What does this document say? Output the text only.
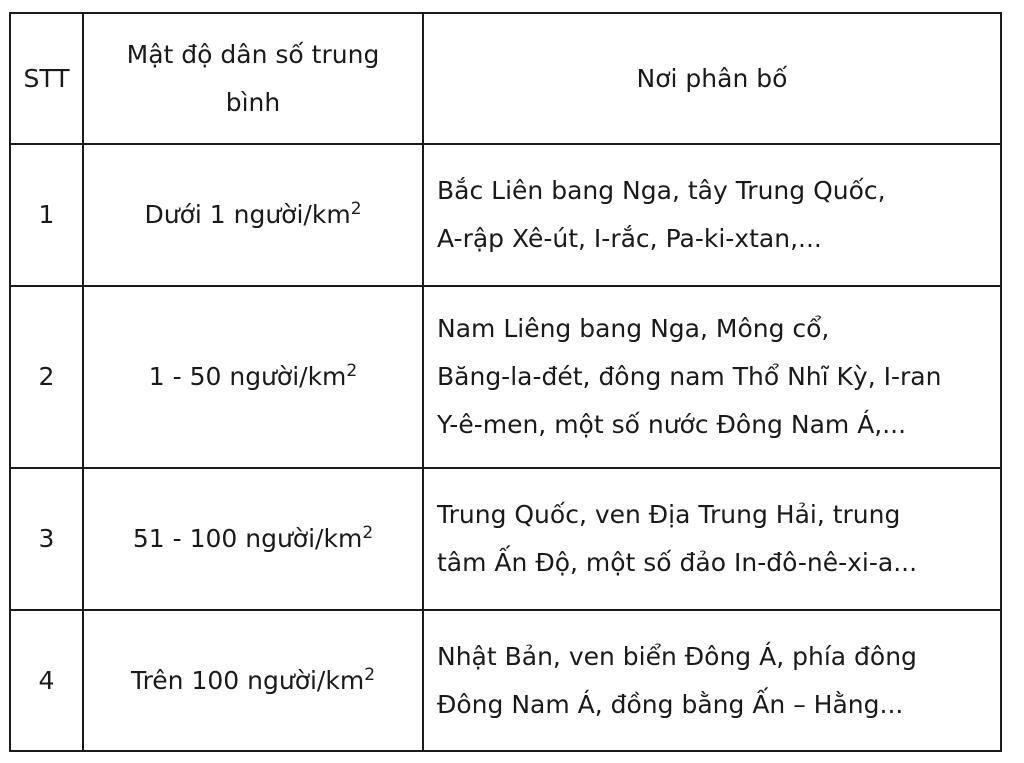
STT	Mật độ dân số trung bình	Nơi phân bố
1	Dưới 1 người/$km^2$	Bắc Liên bang Nga, tây Trung Quốc,
A-rập Xê-út, I-rắc, Pa-ki-xtan,...

2	1 - 50 người/$km^2$	Nam Liêng bang Nga, Mông cổ,
Băng-la-đét, đông nam Thổ Nhĩ Kỳ, I-ran
Y-ê-men, một số nước Đông Nam Á,...

3	51 - 100 người/$km^2$	Trung Quốc, ven Địa Trung Hải, trung
tâm Ấn Độ, một số đảo In-đô-nê-xi-a...

4	Trên 100 người/$km^2$	Nhật Bản, ven biển Đông Á, phía đông
Đông Nam Á, đồng bằng Ấn – Hằng...
